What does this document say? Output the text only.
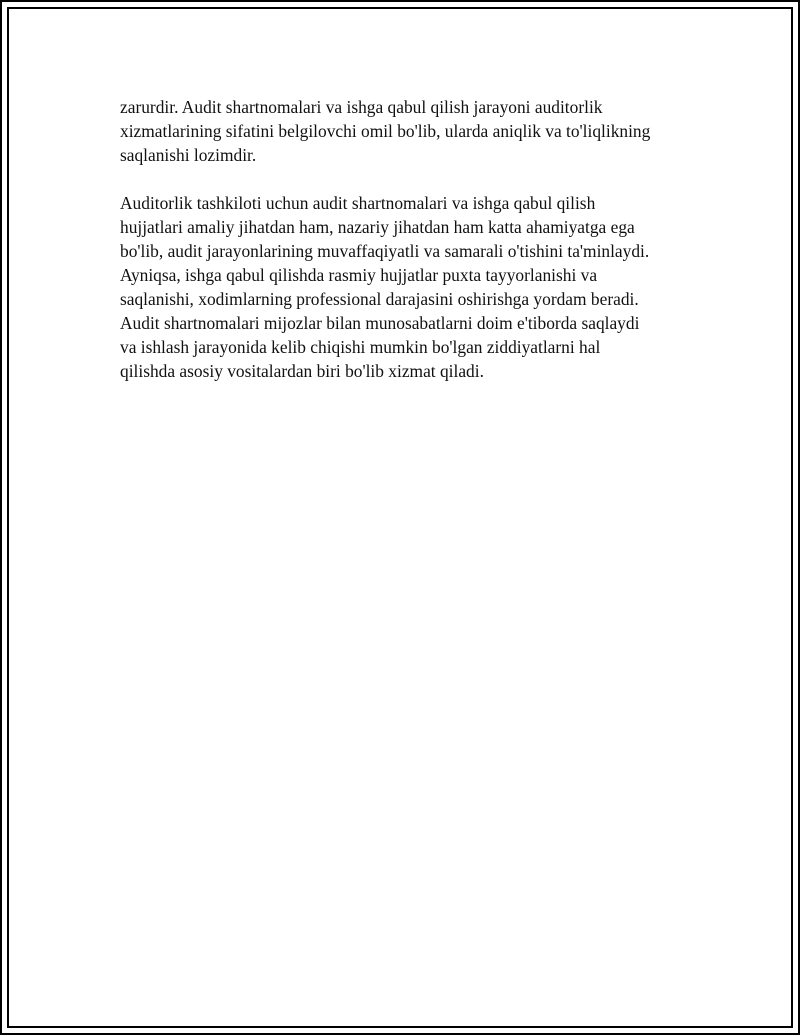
zarurdir. Audit shartnomalari va ishga qabul qilish jarayoni auditorlik
xizmatlarining sifatini belgilovchi omil bo'lib, ularda aniqlik va to'liqlikning
saqlanishi lozimdir.

Auditorlik tashkiloti uchun audit shartnomalari va ishga qabul qilish
hujjatlari amaliy jihatdan ham, nazariy jihatdan ham katta ahamiyatga ega
bo'lib, audit jarayonlarining muvaffaqiyatli va samarali o'tishini ta'minlaydi.
Ayniqsa, ishga qabul qilishda rasmiy hujjatlar puxta tayyorlanishi va
saqlanishi, xodimlarning professional darajasini oshirishga yordam beradi.
Audit shartnomalari mijozlar bilan munosabatlarni doim e'tiborda saqlaydi
va ishlash jarayonida kelib chiqishi mumkin bo'lgan ziddiyatlarni hal
qilishda asosiy vositalardan biri bo'lib xizmat qiladi.
